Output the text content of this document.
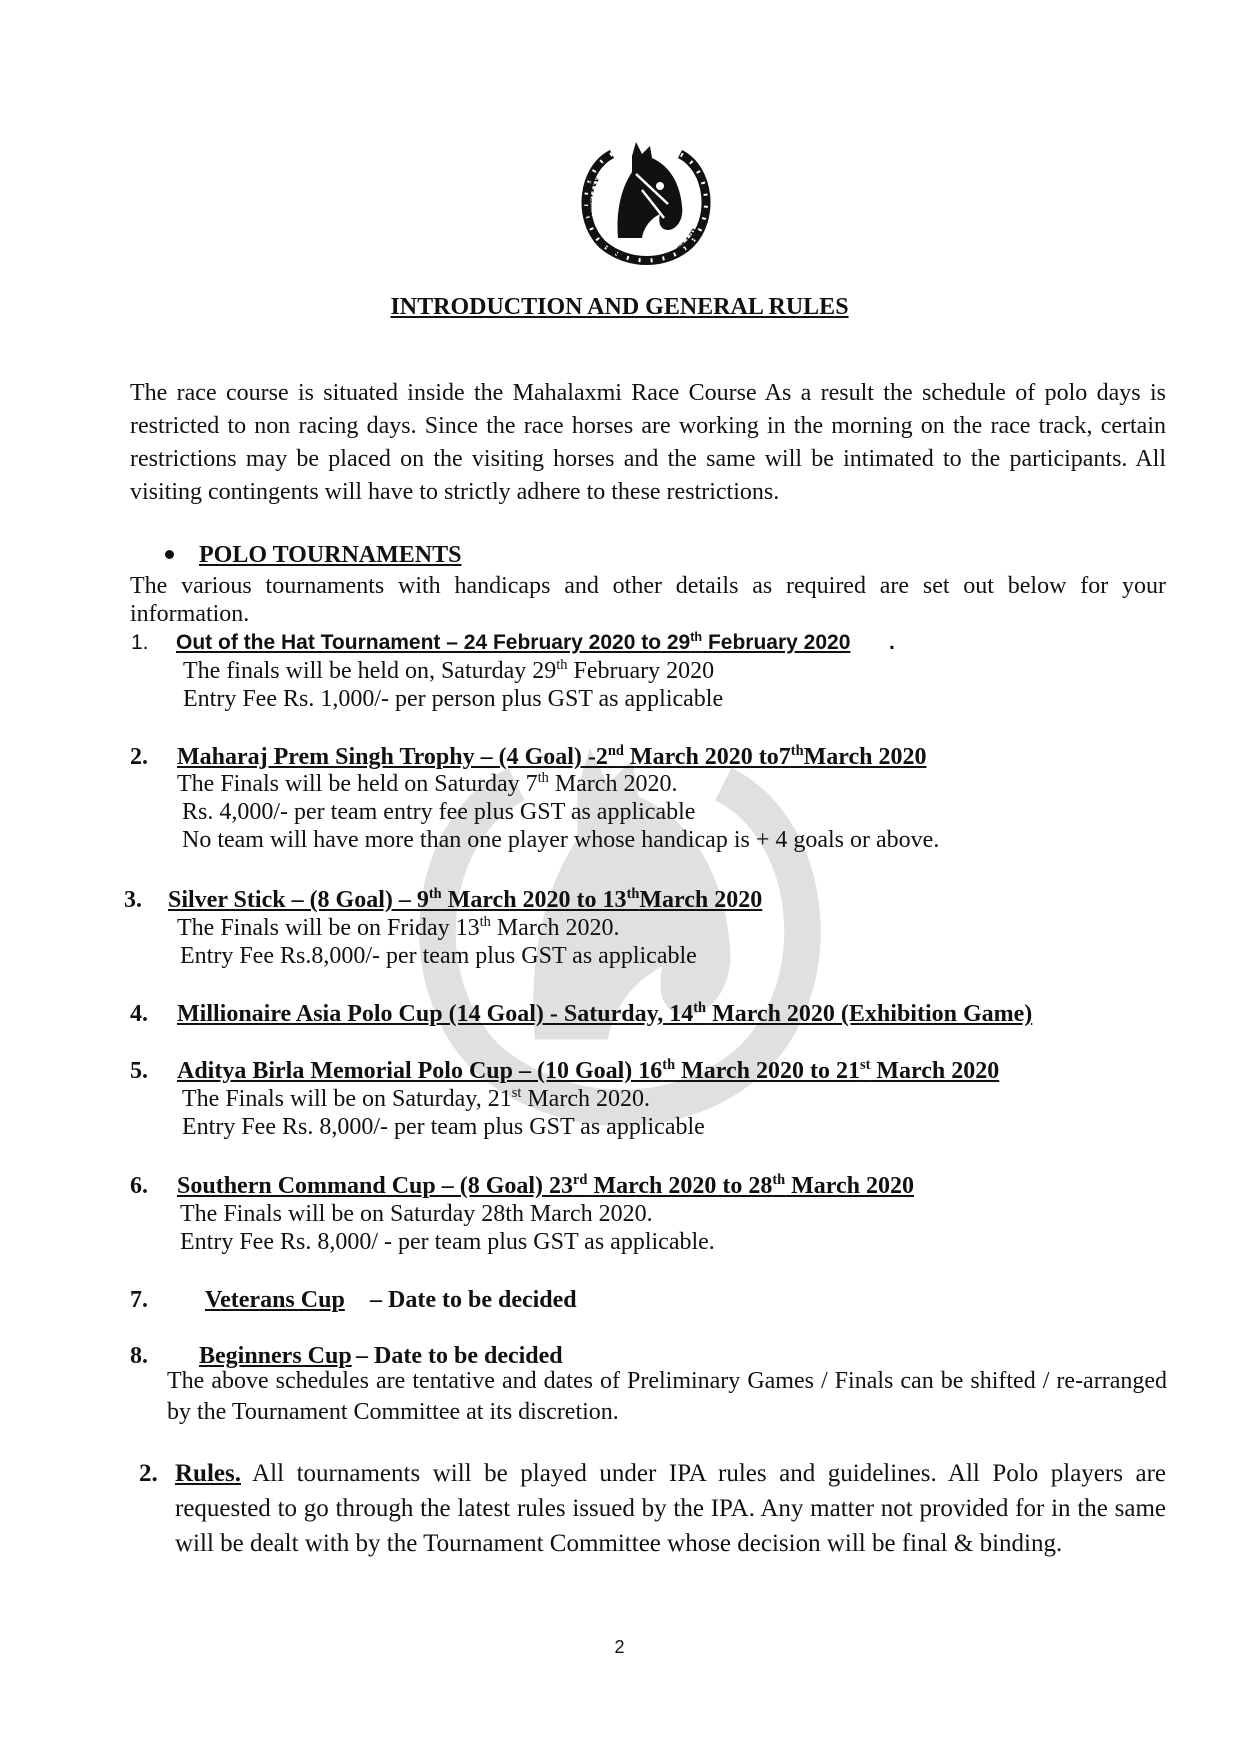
AMATEUR RIDERS'
CLUB
INTRODUCTION AND GENERAL RULES

The race course is situated inside the Mahalaxmi Race Course As a result the schedule of polo days is restricted to non racing days. Since the race horses are working in the morning on the race track, certain restrictions may be placed on the visiting horses and the same will be intimated to the participants. All visiting contingents will have to strictly adhere to these restrictions.

POLO TOURNAMENTS

The various tournaments with handicaps and other details as required are set out below for your information.

1. Out of the Hat Tournament – 24 February 2020 to 29th February 2020 .
The finals will be held on, Saturday 29th February 2020
Entry Fee Rs. 1,000/- per person plus GST as applicable
2. Maharaj Prem Singh Trophy – (4 Goal) -2nd March 2020 to7thMarch 2020
The Finals will be held on Saturday 7th March 2020.
Rs. 4,000/- per team entry fee plus GST as applicable
No team will have more than one player whose handicap is + 4 goals or above.
3. Silver Stick – (8 Goal) – 9th March 2020 to 13thMarch 2020
The Finals will be on Friday 13th March 2020.
Entry Fee Rs.8,000/- per team plus GST as applicable
4. Millionaire Asia Polo Cup (14 Goal) - Saturday, 14th March 2020 (Exhibition Game)
5. Aditya Birla Memorial Polo Cup – (10 Goal) 16th March 2020 to 21st March 2020
The Finals will be on Saturday, 21st March 2020.
Entry Fee Rs. 8,000/- per team plus GST as applicable
6. Southern Command Cup – (8 Goal) 23rd March 2020 to 28th March 2020
The Finals will be on Saturday 28th March 2020.
Entry Fee Rs. 8,000/ - per team plus GST as applicable.
7. Veterans Cup – Date to be decided
8. Beginners Cup – Date to be decided

The above schedules are tentative and dates of Preliminary Games / Finals can be shifted / re-arranged by the Tournament Committee at its discretion.

2. Rules. All tournaments will be played under IPA rules and guidelines. All Polo players are requested to go through the latest rules issued by the IPA. Any matter not provided for in the same will be dealt with by the Tournament Committee whose decision will be final & binding.

2
